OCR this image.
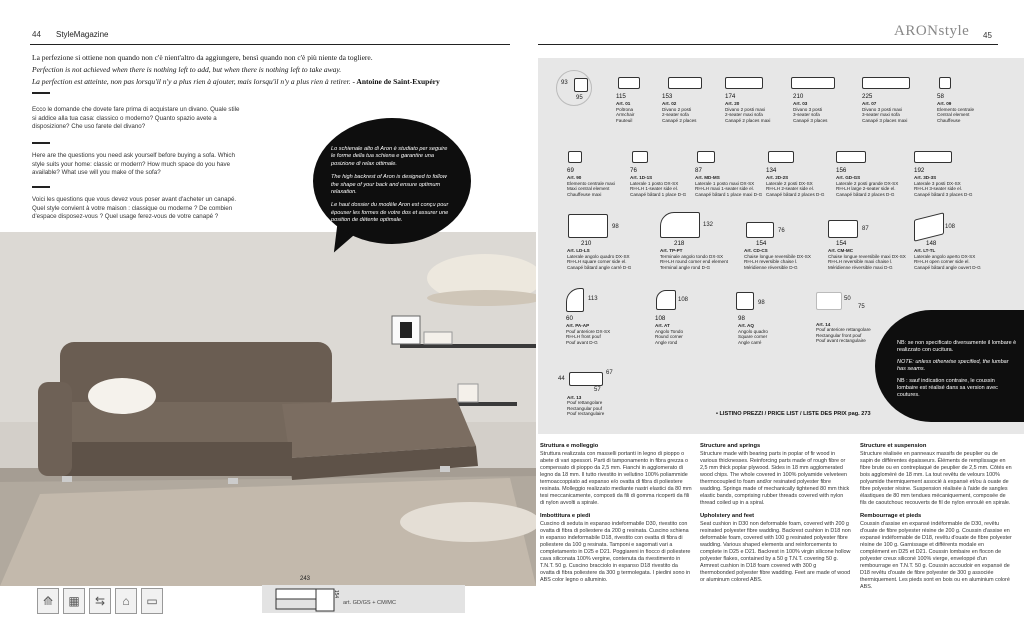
44 StyleMagazine	ARONstyle 45
La perfezione si ottiene non quando non c'è nient'altro da aggiungere, bensì quando non c'è più niente da togliere.
Perfection is not achieved when there is nothing left to add, but when there is nothing left to take away.
La perfection est atteinte, non pas lorsqu'il n'y a plus rien à ajouter, mais lorsqu'il n'y a plus rien à retirer. - Antoine de Saint-Exupéry
Ecco le domande che dovete fare prima di acquistare un divano. Quale stile si addice alla tua casa: classico o moderno? Quanto spazio avete a disposizione? Che uso farete del divano?
Here are the questions you need ask yourself before buying a sofa. Which style suits your home: classic or modern? How much space do you have available? What use will you make of the sofa?
Voici les questions que vous devez vous poser avant d'acheter un canapé. Quel style convient à votre maison : classique ou moderne ? De combien d'espace disposez-vous ? Quel usage ferez-vous de votre canapé ?

Lo schienale alto di Aron è studiato per seguire le forme della tua schiena e garantire una posizione di relax ottimale.

The high backrest of Aron is designed to follow the shape of your back and ensure optimum relaxation.

Le haut dossier du modèle Aron est conçu pour épouser les formes de votre dos et assurer une position de détente optimale.

⟰	▦	⇆	⌂	▭
243
154
art. GD/GS + CM/MC
93
95	115
Art. 01
Poltrona
Armchair
Fauteuil
153
Art. 02
Divano 2 posti
2-seater sofa
Canapé 2 places
174
Art. 20
Divano 2 posti maxi
2-seater maxi sofa
Canapé 2 places maxi
210
Art. 03
Divano 3 posti
3-seater sofa
Canapé 3 places
225
Art. 07
Divano 3 posti maxi
3-seater maxi sofa
Canapé 3 places maxi
58
Art. 09
Elemento centrale
Central element
Chauffeuse
69
Art. 90
Elemento centrale maxi
Maxi central element
Chauffeuse maxi
76
Art. 1D-1S
Laterale 1 posto DX-SX
RH-LH 1-seater side el.
Canapé bâtard 1 place D-G
87
Art. MD-MS
Laterale 1 posto maxi DX-SX
RH-LH maxi 1-seater side el.
Canapé bâtard 1 place maxi D-G
134
Art. 2D-2S
Laterale 2 posti DX-SX
RH-LH 2-seater side el.
Canapé bâtard 2 places D-G
156
Art. GD-GS
Laterale 2 posti grande DX-SX
RH-LH large 2-seater side el.
Canapé bâtard 2 places D-G
192
Art. 3D-3S
Laterale 3 posti DX-SX
RH-LH 3-seater side el.
Canapé bâtard 3 places D-G
98
210
Art. LD-LS
Laterale angolo quadro DX-SX
RH-LH square corner side el.
Canapé bâtard angle carré D-G
132
218
Art. TP-PT
Terminale angolo tondo DX-SX
RH-LH round corner end element
Terminal angle rond D-G
76
154
Art. CD-CS
Chaise longue reversibile DX-SX
RH-LH reversible chaise l.
Méridienne réversible D-G
87
154
Art. CM-MC
Chaise longue reversibile maxi DX-SX
RH-LH reversible maxi chaise l.
Méridienne réversible maxi D-G
108
148
Art. LT-TL
Laterale angolo aperto DX-SX
RH-LH open corner side el.
Canapé bâtard angle ouvert D-G
113
60
Art. PA-AP
Pouf anteriore DX-SX
RH-LH front pouf
Pouf avant D-G
108
108
Art. AT
Angolo Tondo
Round corner
Angle rond
98
98
Art. AQ
Angolo quadro
Square corner
Angle carré
50
75
Art. 14
Pouf anteriore rettangolare
Rectangular front pouf
Pouf avant rectangulaire
44
67
57
Art. 13
Pouf rettangolare
Rectangular pouf
Pouf rectangulaire	• LISTINO PREZZI / PRICE LIST / LISTE DES PRIX pag. 273

NB: se non specificato diversamente il lombare è realizzato con cucitura.

NOTE: unless otherwise specified, the lumbar has seams.

NB : sauf indication contraire, le coussin lombaire est réalisé dans sa version avec coutures.

Struttura e molleggio
Struttura realizzata con masselli portanti in legno di pioppo o abete di vari spessori. Parti di tamponamento in fibra grezza o compensato di pioppo da 2,5 mm. Fianchi in agglomerato di legno da 18 mm. Il tutto rivestito in vellutino 100% poliammide termoaccoppiato ad espanso e/o ovatta di fibra di poliestere resinata. Molleggio realizzato mediante nastri elastici da 80 mm tesi meccanicamente, composti da fili di gomma ricoperti da fili di nylon avvolti a spirale.
Imbottitura e piedi
Cuscino di seduta in espanso indeformabile D30, rivestito con ovatta di fibra di poliestere da 200 g resinata. Cuscino schiena in espanso indeformabile D18, rivestito con ovatta di fibra di poliestere da 100 g resinata. Tamponi e sagomati vari a completamento in D25 e D21. Poggiareni in fiocco di poliestere cava siliconata 100% vergine, contenuta da rivestimento in T.N.T. 50 g. Cuscino bracciolo in espanso D18 rivestito da ovatta di fibra poliestere da 300 g termolegata. I piedini sono in ABS color legno o alluminio.
Structure and springs
Structure made with bearing parts in poplar of fir wood in various thicknesses. Reinforcing parts made of rough fibre or 2,5 mm thick poplar plywood. Sides in 18 mm agglomerated wood chips. The whole covered in 100% polyamide velveteen thermocoupled to foam and/or resinated polyester fibre wadding. Springs made of mechanically tightened 80 mm thick elastic bands, comprising rubber threads covered with nylon thread coiled up in a spiral.
Upholstery and feet
Seat cushion in D30 non deformable foam, covered with 200 g resinated polyester fibre wadding. Backrest cushion in D18 non deformable foam, covered with 100 g resinated polyester fibre wadding. Various shaped elements and reinforcements to complete in D25 e D21. Backrest in 100% virgin silicone hollow polyester flakes, contained by a 50 g T.N.T. covering 50 g. Armrest cushion in D18 foam covered with 300 g thermobonded polyester fibre wadding. Feet are made of wood or aluminum colored ABS.
Structure et suspension
Structure réalisée en panneaux massifs de peuplier ou de sapin de différentes épaisseurs. Éléments de remplissage en fibre brute ou en contreplaqué de peuplier de 2,5 mm. Côtés en bois aggloméré de 18 mm. La tout revêtu de velours 100% polyamide thermiquement associé à expansé et/ou à ouate de fibre polyester résine. Suspension réalisée à l'aide de sangles élastiques de 80 mm tendues mécaniquement, composée de fils de caoutchouc recouverts de fil de nylon enroulé en spirale.
Rembourrage et pieds
Coussin d'assise en expansé indéformable de D30, revêtu d'ouate de fibre polyester résine de 200 g. Coussin d'assise en expansé indéformable de D18, revêtu d'ouate de fibre polyester résine de 100 g. Garnissage et différents modale en complément en D25 et D21. Coussin lombaire en flocon de polyester creux siliconé 100% vierge, enveloppé d'un rembourrage en T.N.T. 50 g. Coussin accoudoir en expansé de D18 revêtu d'ouate de fibre polyester de 300 g associée thermiquement. Les pieds sont en bois ou en aluminium coloré ABS.
